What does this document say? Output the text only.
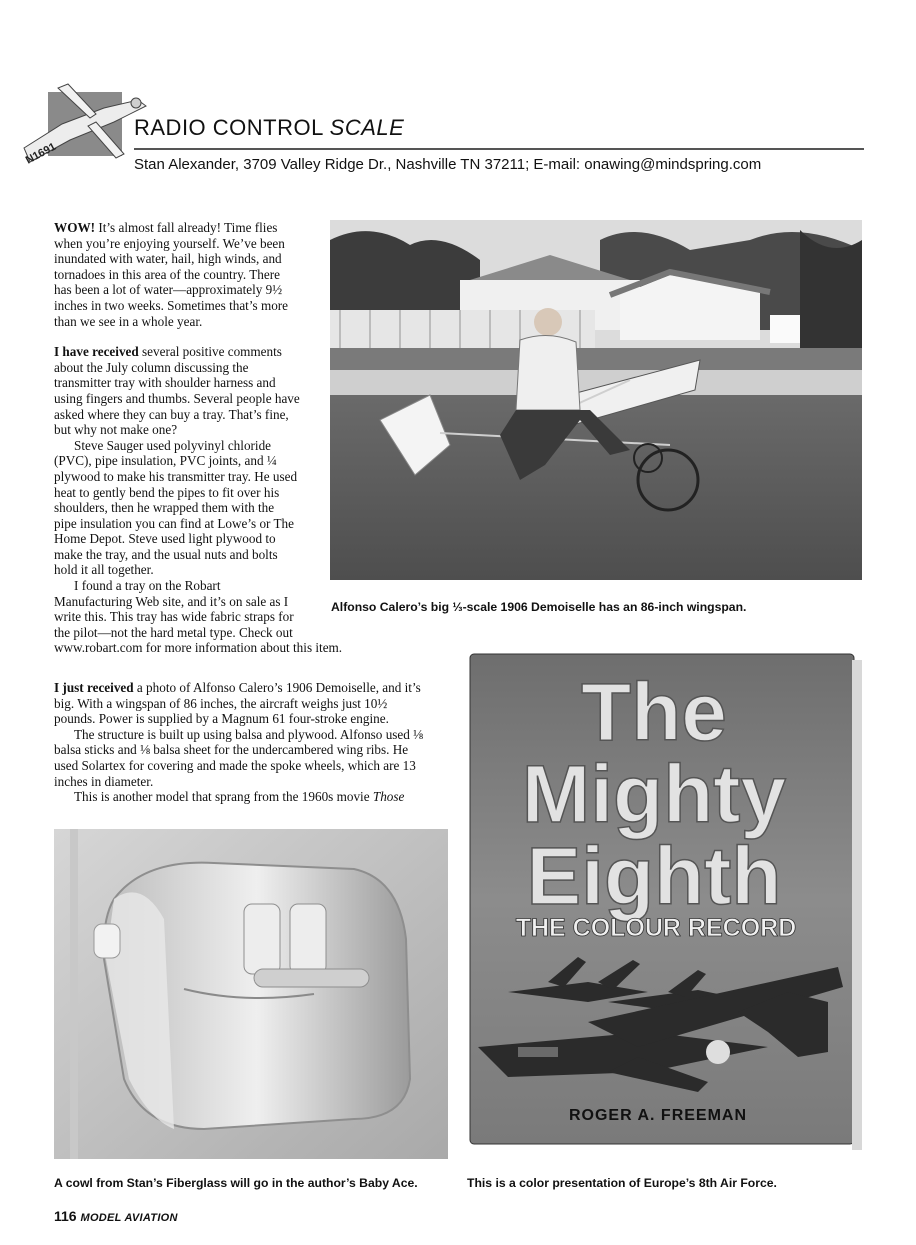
N1691
RADIO CONTROL SCALE
Stan Alexander, 3709 Valley Ridge Dr., Nashville TN 37211; E-mail: onawing@mindspring.com

WOW! It’s almost fall already! Time flies
when you’re enjoying yourself. We’ve been
inundated with water, hail, high winds, and
tornadoes in this area of the country. There
has been a lot of water—approximately 9½
inches in two weeks. Sometimes that’s more
than we see in a whole year.

I have received several positive comments
about the July column discussing the
transmitter tray with shoulder harness and
using fingers and thumbs. Several people have
asked where they can buy a tray. That’s fine,
but why not make one?

Steve Sauger used polyvinyl chloride
(PVC), pipe insulation, PVC joints, and ¼
plywood to make his transmitter tray. He used
heat to gently bend the pipes to fit over his
shoulders, then he wrapped them with the
pipe insulation you can find at Lowe’s or The
Home Depot. Steve used light plywood to
make the tray, and the usual nuts and bolts
hold it all together.

I found a tray on the Robart
Manufacturing Web site, and it’s on sale as I
write this. This tray has wide fabric straps for
the pilot—not the hard metal type. Check out
www.robart.com for more information about this item.

I just received a photo of Alfonso Calero’s 1906 Demoiselle, and it’s
big. With a wingspan of 86 inches, the aircraft weighs just 10½
pounds. Power is supplied by a Magnum 61 four-stroke engine.

The structure is built up using balsa and plywood. Alfonso used ⅛
balsa sticks and ⅛ balsa sheet for the undercambered wing ribs. He
used Solartex for covering and made the spoke wheels, which are 13
inches in diameter.

This is another model that sprang from the 1960s movie Those

Alfonso Calero’s big ⅓-scale 1906 Demoiselle has an 86-inch wingspan.
The
Mighty
Eighth
THE COLOUR RECORD
ROGER A. FREEMAN
This is a color presentation of Europe’s 8th Air Force.
A cowl from Stan’s Fiberglass will go in the author’s Baby Ace.
116 MODEL AVIATION
